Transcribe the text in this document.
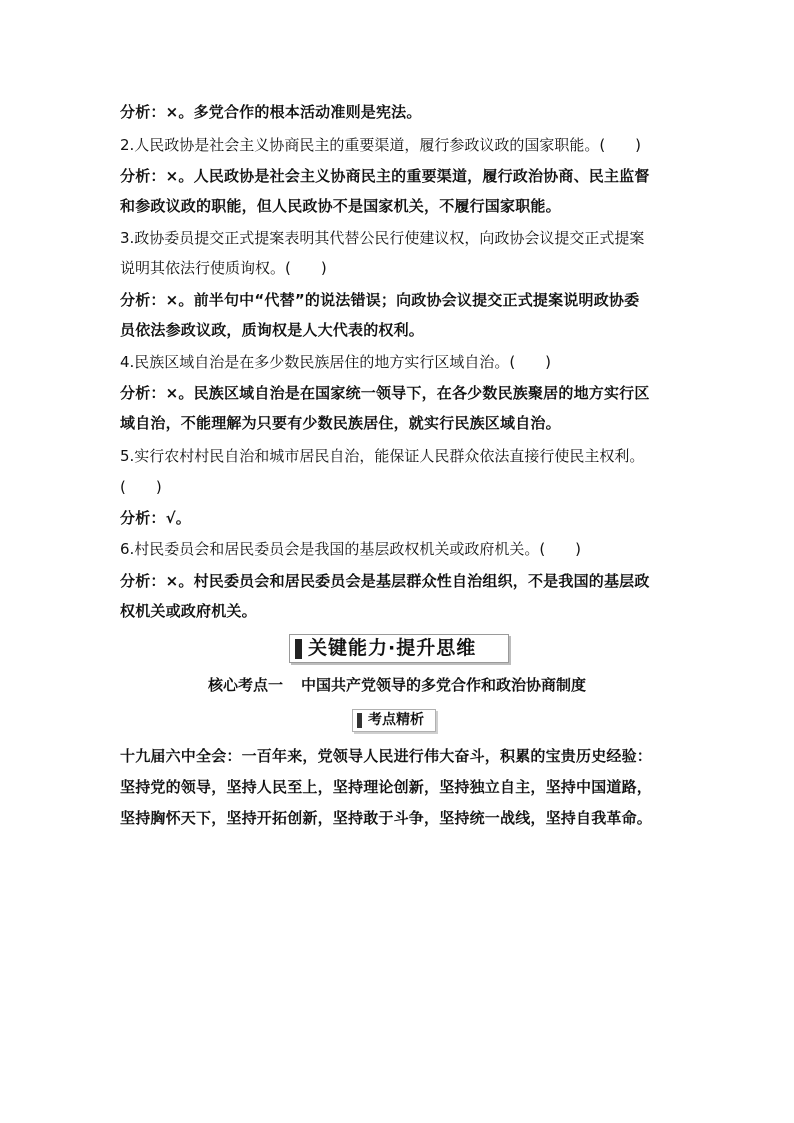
分析：×。多党合作的根本活动准则是宪法。
2.人民政协是社会主义协商民主的重要渠道，履行参政议政的国家职能。(　　)
分析：×。人民政协是社会主义协商民主的重要渠道，履行政治协商、民主监督
和参政议政的职能，但人民政协不是国家机关，不履行国家职能。
3.政协委员提交正式提案表明其代替公民行使建议权，向政协会议提交正式提案
说明其依法行使质询权。(　　)
分析：×。前半句中“代替”的说法错误；向政协会议提交正式提案说明政协委
员依法参政议政，质询权是人大代表的权利。
4.民族区域自治是在多少数民族居住的地方实行区域自治。(　　)
分析：×。民族区域自治是在国家统一领导下，在各少数民族聚居的地方实行区
域自治，不能理解为只要有少数民族居住，就实行民族区域自治。
5.实行农村村民自治和城市居民自治，能保证人民群众依法直接行使民主权利。
(　　)
分析：√。
6.村民委员会和居民委员会是我国的基层政权机关或政府机关。(　　)
分析：×。村民委员会和居民委员会是基层群众性自治组织，不是我国的基层政
权机关或政府机关。
关键能力·提升思维
核心考点一 中国共产党领导的多党合作和政治协商制度
考点精析
十九届六中全会：一百年来，党领导人民进行伟大奋斗，积累的宝贵历史经验：
坚持党的领导，坚持人民至上，坚持理论创新，坚持独立自主，坚持中国道路，
坚持胸怀天下，坚持开拓创新，坚持敢于斗争，坚持统一战线，坚持自我革命。
